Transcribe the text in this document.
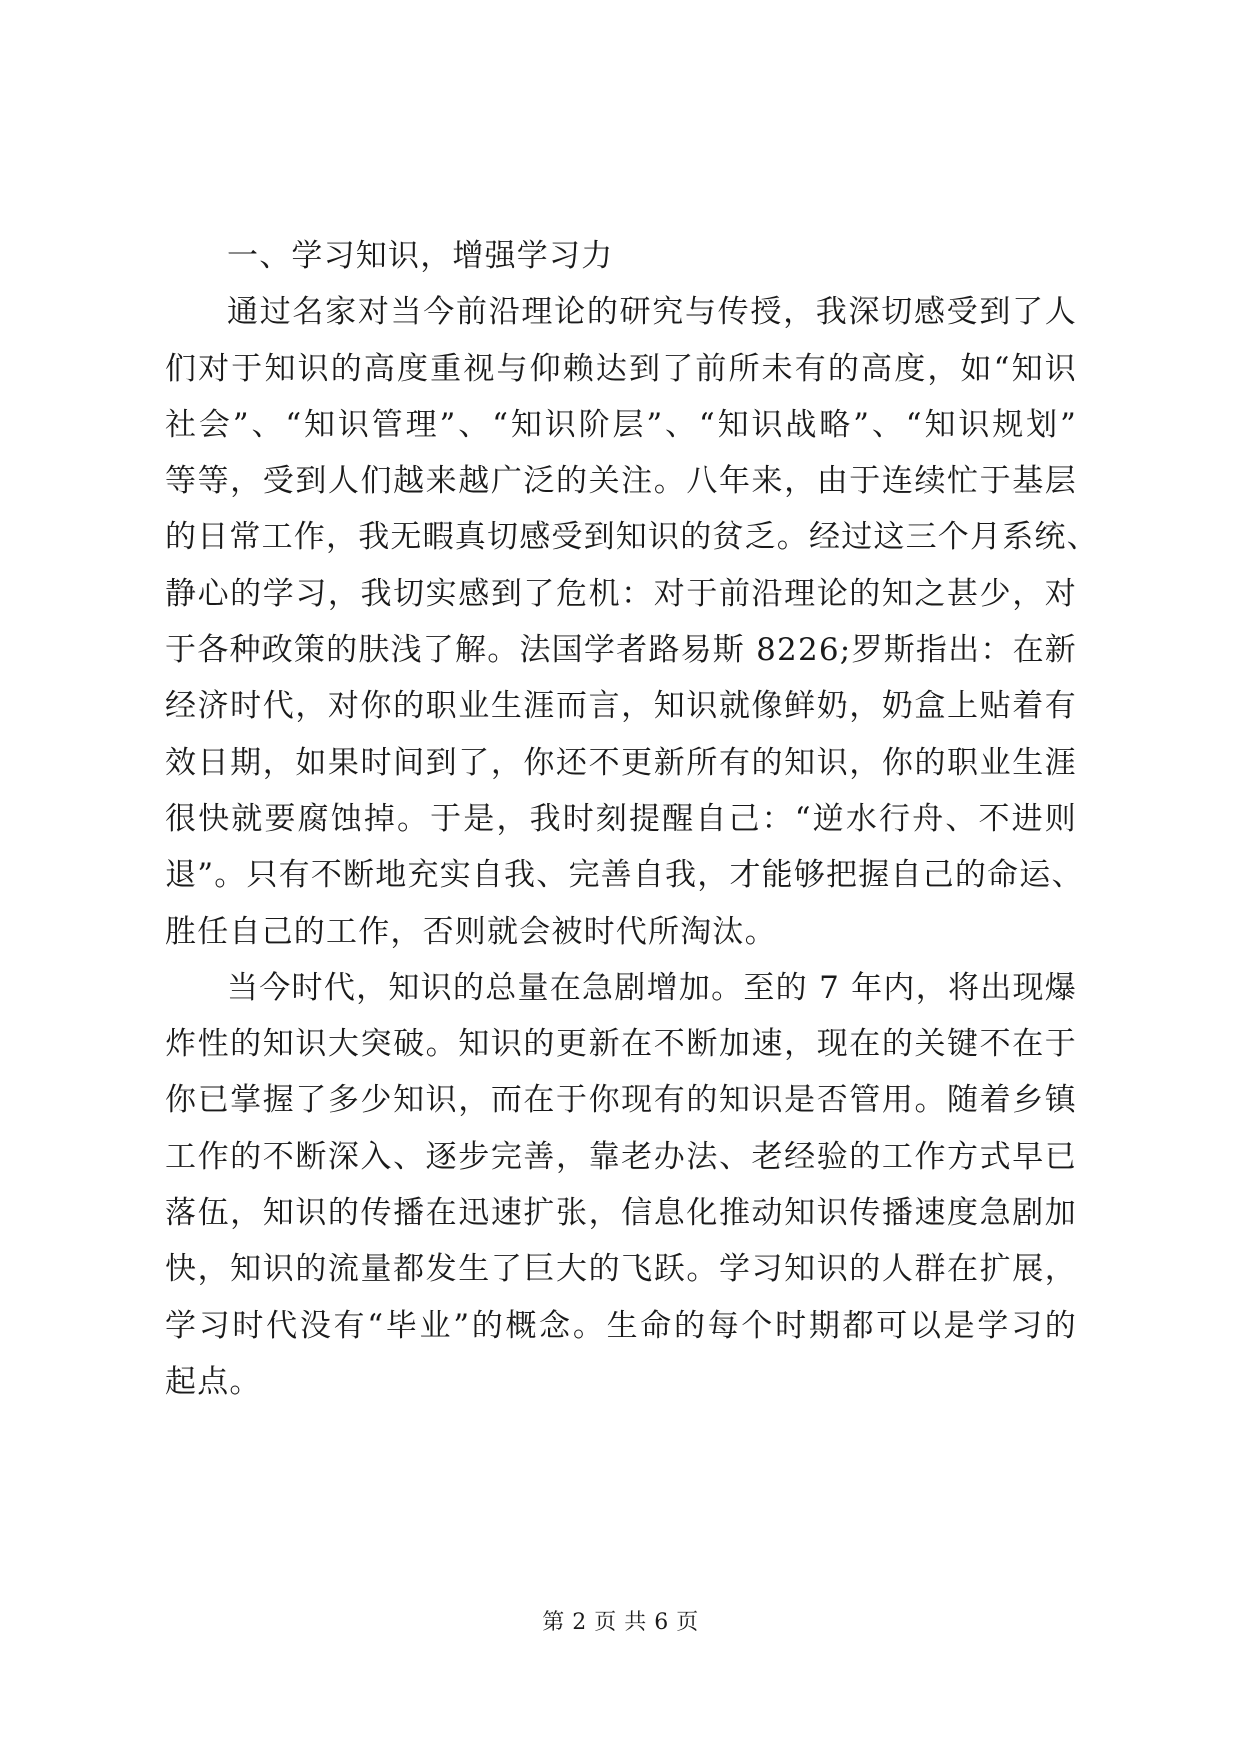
一、学习知识，增强学习力
通过名家对当今前沿理论的研究与传授，我深切感受到了人
们对于知识的高度重视与仰赖达到了前所未有的高度，如“知识
社会”、“知识管理”、“知识阶层”、“知识战略”、“知识规划”
等等，受到人们越来越广泛的关注。八年来，由于连续忙于基层
的日常工作，我无暇真切感受到知识的贫乏。经过这三个月系统、
静心的学习，我切实感到了危机：对于前沿理论的知之甚少，对
于各种政策的肤浅了解。法国学者路易斯 8226;罗斯指出：在新
经济时代，对你的职业生涯而言，知识就像鲜奶，奶盒上贴着有
效日期，如果时间到了，你还不更新所有的知识，你的职业生涯
很快就要腐蚀掉。于是，我时刻提醒自己：“逆水行舟、不进则
退”。只有不断地充实自我、完善自我，才能够把握自己的命运、
胜任自己的工作，否则就会被时代所淘汰。
当今时代，知识的总量在急剧增加。至的 7 年内，将出现爆
炸性的知识大突破。知识的更新在不断加速，现在的关键不在于
你已掌握了多少知识，而在于你现有的知识是否管用。随着乡镇
工作的不断深入、逐步完善，靠老办法、老经验的工作方式早已
落伍，知识的传播在迅速扩张，信息化推动知识传播速度急剧加
快，知识的流量都发生了巨大的飞跃。学习知识的人群在扩展，
学习时代没有“毕业”的概念。生命的每个时期都可以是学习的
起点。
第 2 页 共 6 页
